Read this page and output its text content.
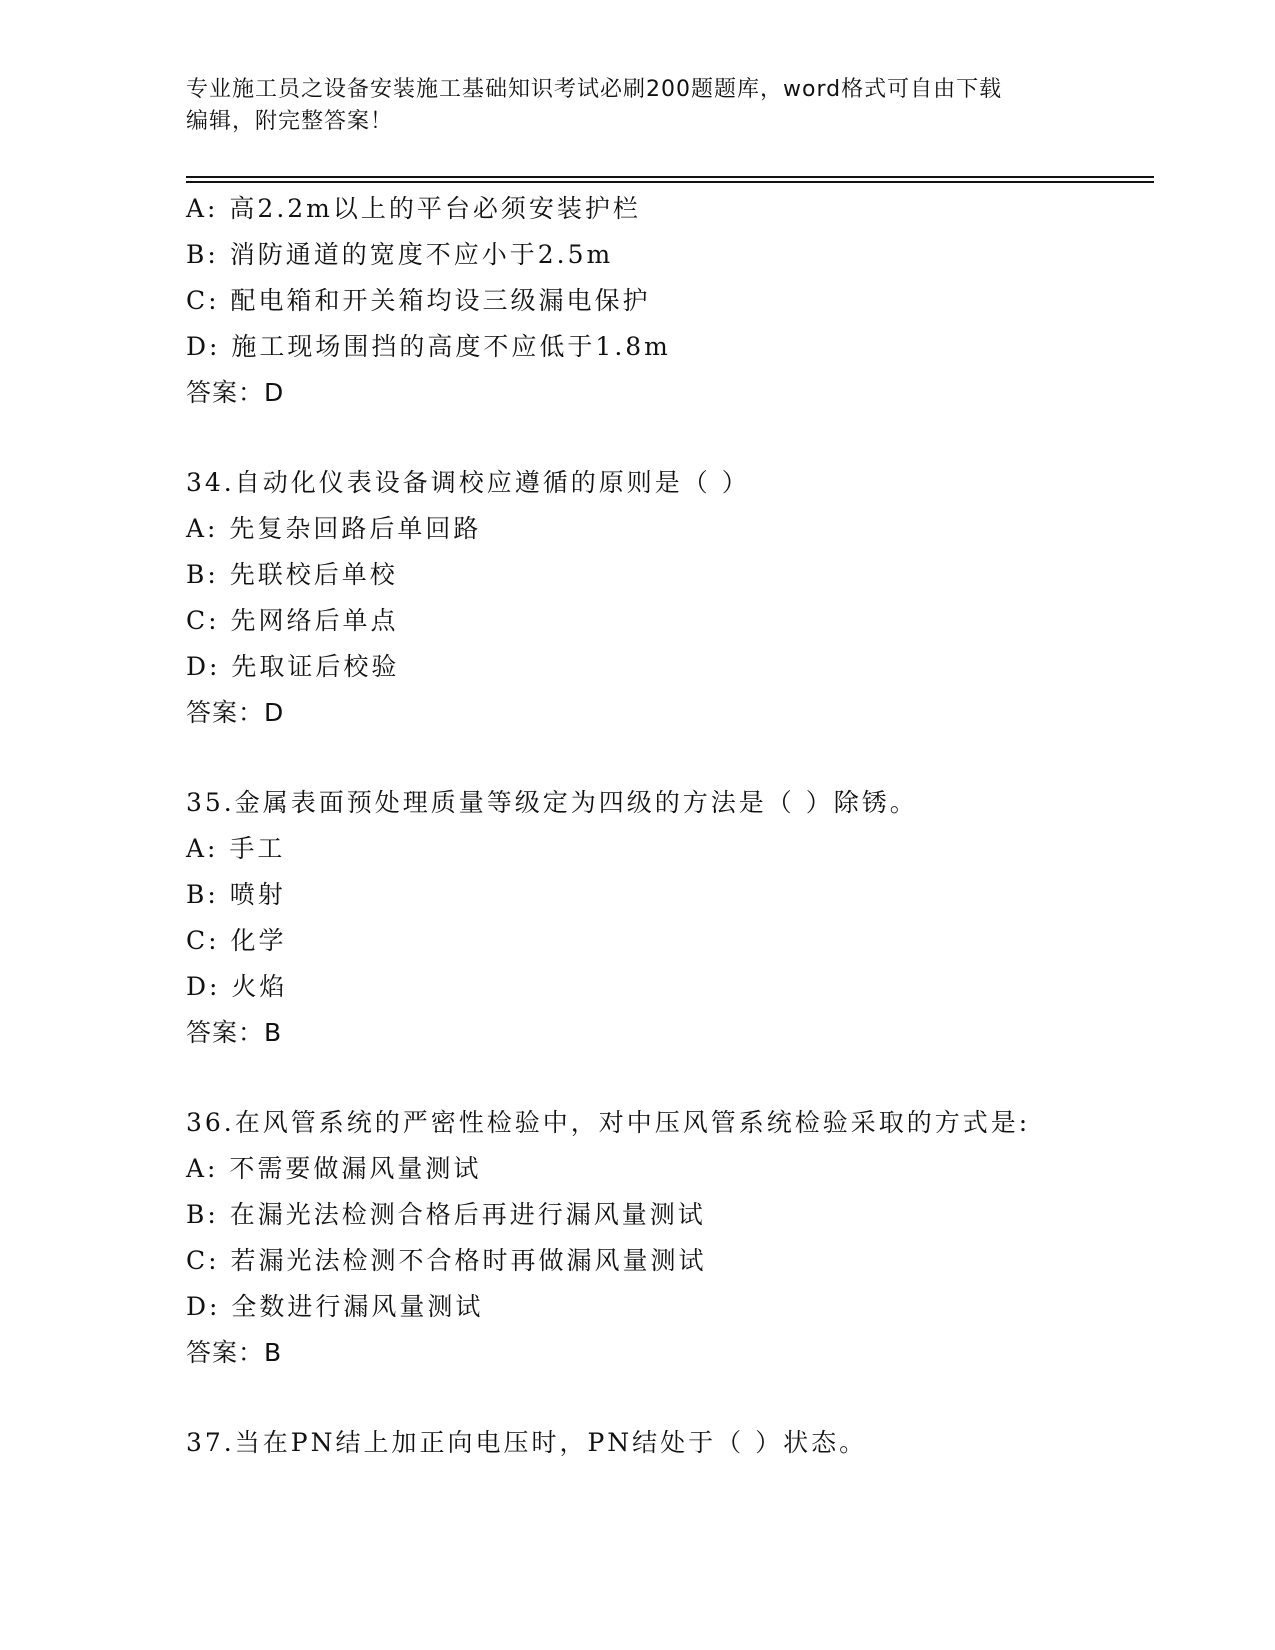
专业施工员之设备安装施工基础知识考试必刷200题题库，word格式可自由下载
编辑，附完整答案！
A: 高2.2m以上的平台必须安装护栏
B: 消防通道的宽度不应小于2.5m
C: 配电箱和开关箱均设三级漏电保护
D: 施工现场围挡的高度不应低于1.8m
答案：D
34.自动化仪表设备调校应遵循的原则是（ ）
A: 先复杂回路后单回路
B: 先联校后单校
C: 先网络后单点
D: 先取证后校验
答案：D
35.金属表面预处理质量等级定为四级的方法是（ ）除锈。
A: 手工
B: 喷射
C: 化学
D: 火焰
答案：B
36.在风管系统的严密性检验中，对中压风管系统检验采取的方式是:
A: 不需要做漏风量测试
B: 在漏光法检测合格后再进行漏风量测试
C: 若漏光法检测不合格时再做漏风量测试
D: 全数进行漏风量测试
答案：B
37.当在PN结上加正向电压时，PN结处于（ ）状态。
